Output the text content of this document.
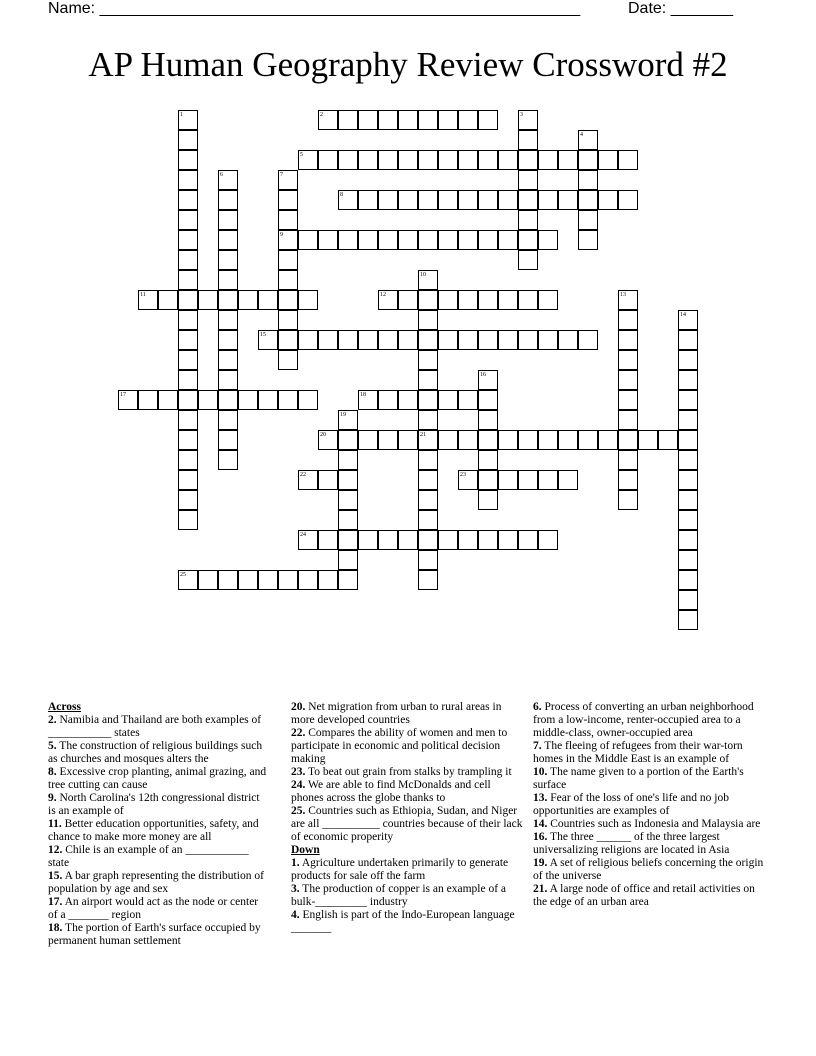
Name: ______________________________________________________	Date: _______
AP Human Geography Review Crossword #2
1	2	3
4
5
6	7
9
8
10
21
11	12	13
14
15
16
17	18
19
20
22	23
24
25
Across
2. Namibia and Thailand are both examples of ___________ states
5. The construction of religious buildings such as churches and mosques alters the
8. Excessive crop planting, animal grazing, and tree cutting can cause
9. North Carolina's 12th congressional district is an example of
11. Better education opportunities, safety, and chance to make more money are all
12. Chile is an example of an ___________ state
15. A bar graph representing the distribution of population by age and sex
17. An airport would act as the node or center of a _______ region
18. The portion of Earth's surface occupied by permanent human settlement
20. Net migration from urban to rural areas in more developed countries
22. Compares the ability of women and men to participate in economic and political decision making
23. To beat out grain from stalks by trampling it
24. We are able to find McDonalds and cell phones across the globe thanks to
25. Countries such as Ethiopia, Sudan, and Niger are all __________ countries because of their lack of economic properity
Down
1. Agriculture undertaken primarily to generate products for sale off the farm
3. The production of copper is an example of a bulk-_________ industry
4. English is part of the Indo-European language _______
6. Process of converting an urban neighborhood from a low-income, renter-occupied area to a middle-class, owner-occupied area
7. The fleeing of refugees from their war-torn homes in the Middle East is an example of
10. The name given to a portion of the Earth's surface
13. Fear of the loss of one's life and no job opportunities are examples of
14. Countries such as Indonesia and Malaysia are
16. The three ______ of the three largest universalizing religions are located in Asia
19. A set of religious beliefs concerning the origin of the universe
21. A large node of office and retail activities on the edge of an urban area
